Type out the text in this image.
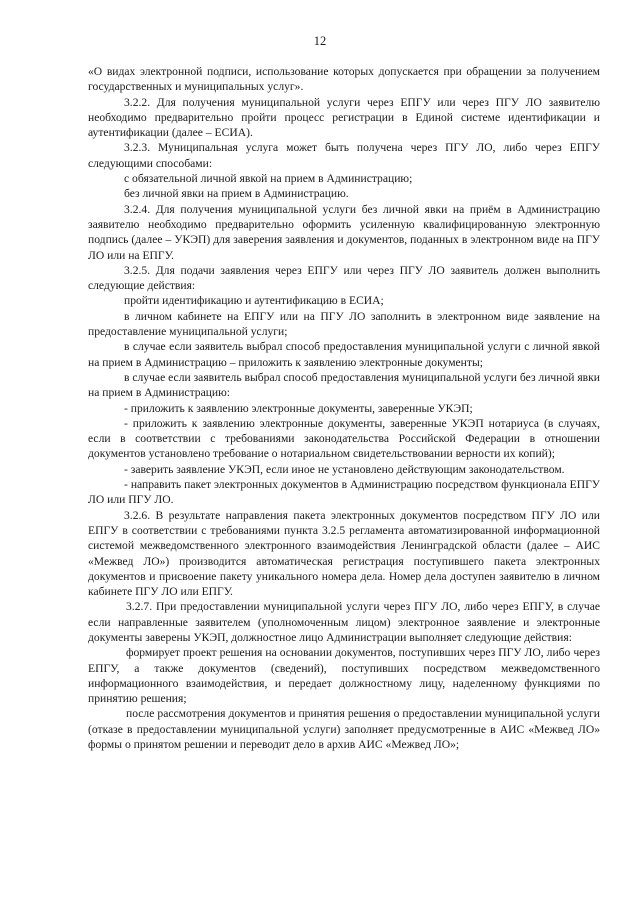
12

«О видах электронной подписи, использование которых допускается при обращении за получением государственных и муниципальных услуг».

3.2.2. Для получения муниципальной услуги через ЕПГУ или через ПГУ ЛО заявителю необходимо предварительно пройти процесс регистрации в Единой системе идентификации и аутентификации (далее – ЕСИА).

3.2.3. Муниципальная услуга может быть получена через ПГУ ЛО, либо через ЕПГУ следующими способами:

с обязательной личной явкой на прием в Администрацию;

без личной явки на прием в Администрацию.

3.2.4. Для получения муниципальной услуги без личной явки на приём в Администрацию заявителю необходимо предварительно оформить усиленную квалифицированную электронную подпись (далее – УКЭП) для заверения заявления и документов, поданных в электронном виде на ПГУ ЛО или на ЕПГУ.

3.2.5. Для подачи заявления через ЕПГУ или через ПГУ ЛО заявитель должен выполнить следующие действия:

пройти идентификацию и аутентификацию в ЕСИА;

в личном кабинете на ЕПГУ или на ПГУ ЛО заполнить в электронном виде заявление на предоставление муниципальной услуги;

в случае если заявитель выбрал способ предоставления муниципальной услуги с личной явкой на прием в Администрацию – приложить к заявлению электронные документы;

в случае если заявитель выбрал способ предоставления муниципальной услуги без личной явки на прием в Администрацию:

- приложить к заявлению электронные документы, заверенные УКЭП;

- приложить к заявлению электронные документы, заверенные УКЭП нотариуса (в случаях, если в соответствии с требованиями законодательства Российской Федерации в отношении документов установлено требование о нотариальном свидетельствовании верности их копий);

- заверить заявление УКЭП, если иное не установлено действующим законодательством.

- направить пакет электронных документов в Администрацию посредством функционала ЕПГУ ЛО или ПГУ ЛО.

3.2.6. В результате направления пакета электронных документов посредством ПГУ ЛО или ЕПГУ в соответствии с требованиями пункта 3.2.5 регламента автоматизированной информационной системой межведомственного электронного взаимодействия Ленинградской области (далее – АИС «Межвед ЛО») производится автоматическая регистрация поступившего пакета электронных документов и присвоение пакету уникального номера дела. Номер дела доступен заявителю в личном кабинете ПГУ ЛО или ЕПГУ.

3.2.7. При предоставлении муниципальной услуги через ПГУ ЛО, либо через ЕПГУ, в случае если направленные заявителем (уполномоченным лицом) электронное заявление и электронные документы заверены УКЭП, должностное лицо Администрации выполняет следующие действия:

формирует проект решения на основании документов, поступивших через ПГУ ЛО, либо через ЕПГУ, а также документов (сведений), поступивших посредством межведомственного информационного взаимодействия, и передает должностному лицу, наделенному функциями по принятию решения;

после рассмотрения документов и принятия решения о предоставлении муниципальной услуги (отказе в предоставлении муниципальной услуги) заполняет предусмотренные в АИС «Межвед ЛО» формы о принятом решении и переводит дело в архив АИС «Межвед ЛО»;
